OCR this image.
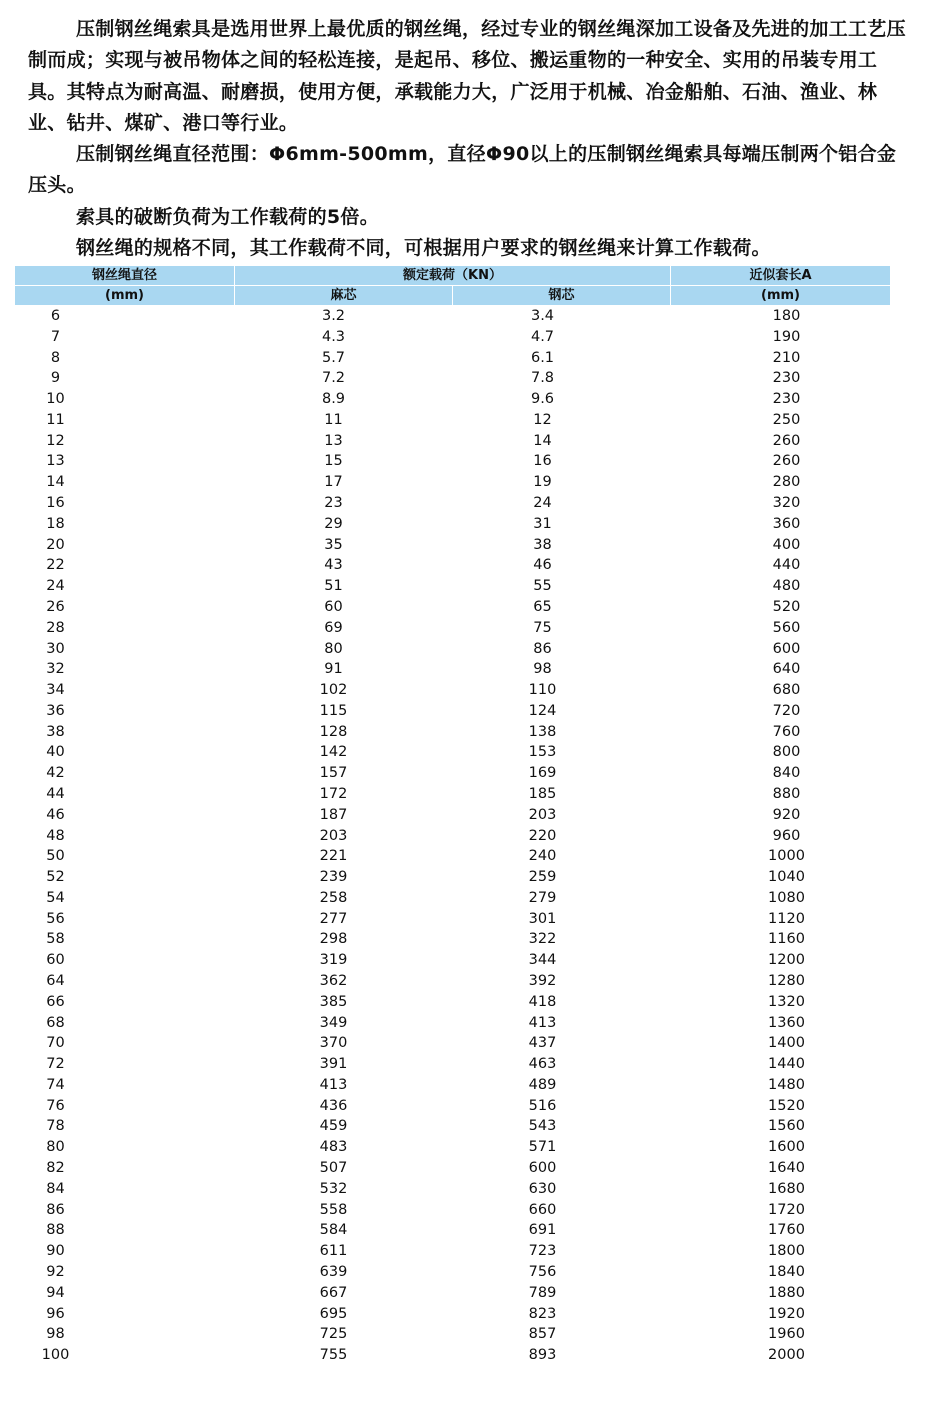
压制钢丝绳索具是选用世界上最优质的钢丝绳，经过专业的钢丝绳深加工设备及先进的加工工艺压制而成；实现与被吊物体之间的轻松连接，是起吊、移位、搬运重物的一种安全、实用的吊装专用工具。其特点为耐高温、耐磨损，使用方便，承载能力大，广泛用于机械、冶金船舶、石油、渔业、林业、钻井、煤矿、港口等行业。

压制钢丝绳直径范围：Φ6mm-500mm，直径Φ90以上的压制钢丝绳索具每端压制两个铝合金压头。

索具的破断负荷为工作载荷的5倍。

钢丝绳的规格不同，其工作载荷不同，可根据用户要求的钢丝绳来计算工作载荷。

钢丝绳直径	额定载荷（KN）		近似套长A
(mm)	麻芯	钢芯	(mm)
6	3.2	3.4	180
7	4.3	4.7	190
8	5.7	6.1	210
9	7.2	7.8	230
10	8.9	9.6	230
11	11	12	250
12	13	14	260
13	15	16	260
14	17	19	280
16	23	24	320
18	29	31	360
20	35	38	400
22	43	46	440
24	51	55	480
26	60	65	520
28	69	75	560
30	80	86	600
32	91	98	640
34	102	110	680
36	115	124	720
38	128	138	760
40	142	153	800
42	157	169	840
44	172	185	880
46	187	203	920
48	203	220	960
50	221	240	1000
52	239	259	1040
54	258	279	1080
56	277	301	1120
58	298	322	1160
60	319	344	1200
64	362	392	1280
66	385	418	1320
68	349	413	1360
70	370	437	1400
72	391	463	1440
74	413	489	1480
76	436	516	1520
78	459	543	1560
80	483	571	1600
82	507	600	1640
84	532	630	1680
86	558	660	1720
88	584	691	1760
90	611	723	1800
92	639	756	1840
94	667	789	1880
96	695	823	1920
98	725	857	1960
100	755	893	2000
